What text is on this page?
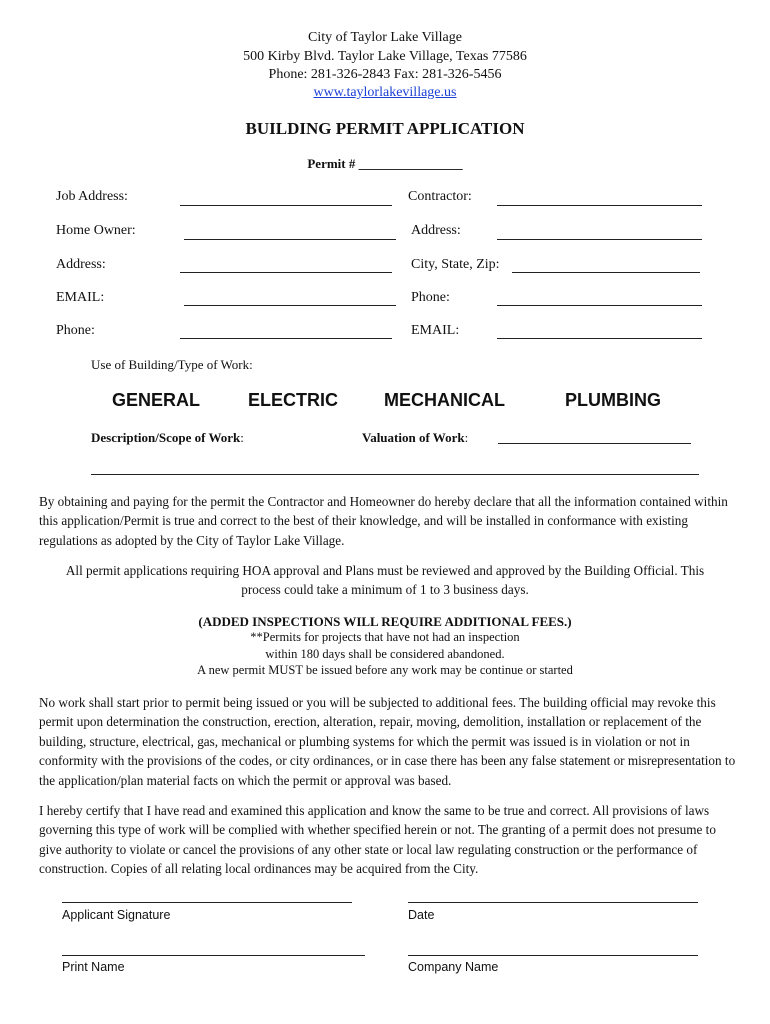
City of Taylor Lake Village
500 Kirby Blvd. Taylor Lake Village, Texas 77586
Phone: 281-326-2843 Fax: 281-326-5456
www.taylorlakevillage.us
BUILDING PERMIT APPLICATION
Permit # ________________
Job Address:	Contractor:
Home Owner:	Address:
Address:	City, State, Zip:
EMAIL:	Phone:
Phone:	EMAIL:
Use of Building/Type of Work:
GENERAL	ELECTRIC	MECHANICAL	PLUMBING
Description/Scope of Work:	Valuation of Work:
By obtaining and paying for the permit the Contractor and Homeowner do hereby declare that all the information contained within this application/Permit is true and correct to the best of their knowledge, and will be installed in conformance with existing regulations as adopted by the City of Taylor Lake Village.
All permit applications requiring HOA approval and Plans must be reviewed and approved by the Building Official. This
process could take a minimum of 1 to 3 business days.
(ADDED INSPECTIONS WILL REQUIRE ADDITIONAL FEES.)
**Permits for projects that have not had an inspection
within 180 days shall be considered abandoned.
A new permit MUST be issued before any work may be continue or started
No work shall start prior to permit being issued or you will be subjected to additional fees. The building official may revoke this permit upon determination the construction, erection, alteration, repair, moving, demolition, installation or replacement of the building, structure, electrical, gas, mechanical or plumbing systems for which the permit was issued is in violation or not in conformity with the provisions of the codes, or city ordinances, or in case there has been any false statement or misrepresentation to the application/plan material facts on which the permit or approval was based.
I hereby certify that I have read and examined this application and know the same to be true and correct. All provisions of laws governing this type of work will be complied with whether specified herein or not. The granting of a permit does not presume to give authority to violate or cancel the provisions of any other state or local law regulating construction or the performance of construction. Copies of all relating local ordinances may be acquired from the City.
Applicant Signature	Date
Print Name	Company Name
